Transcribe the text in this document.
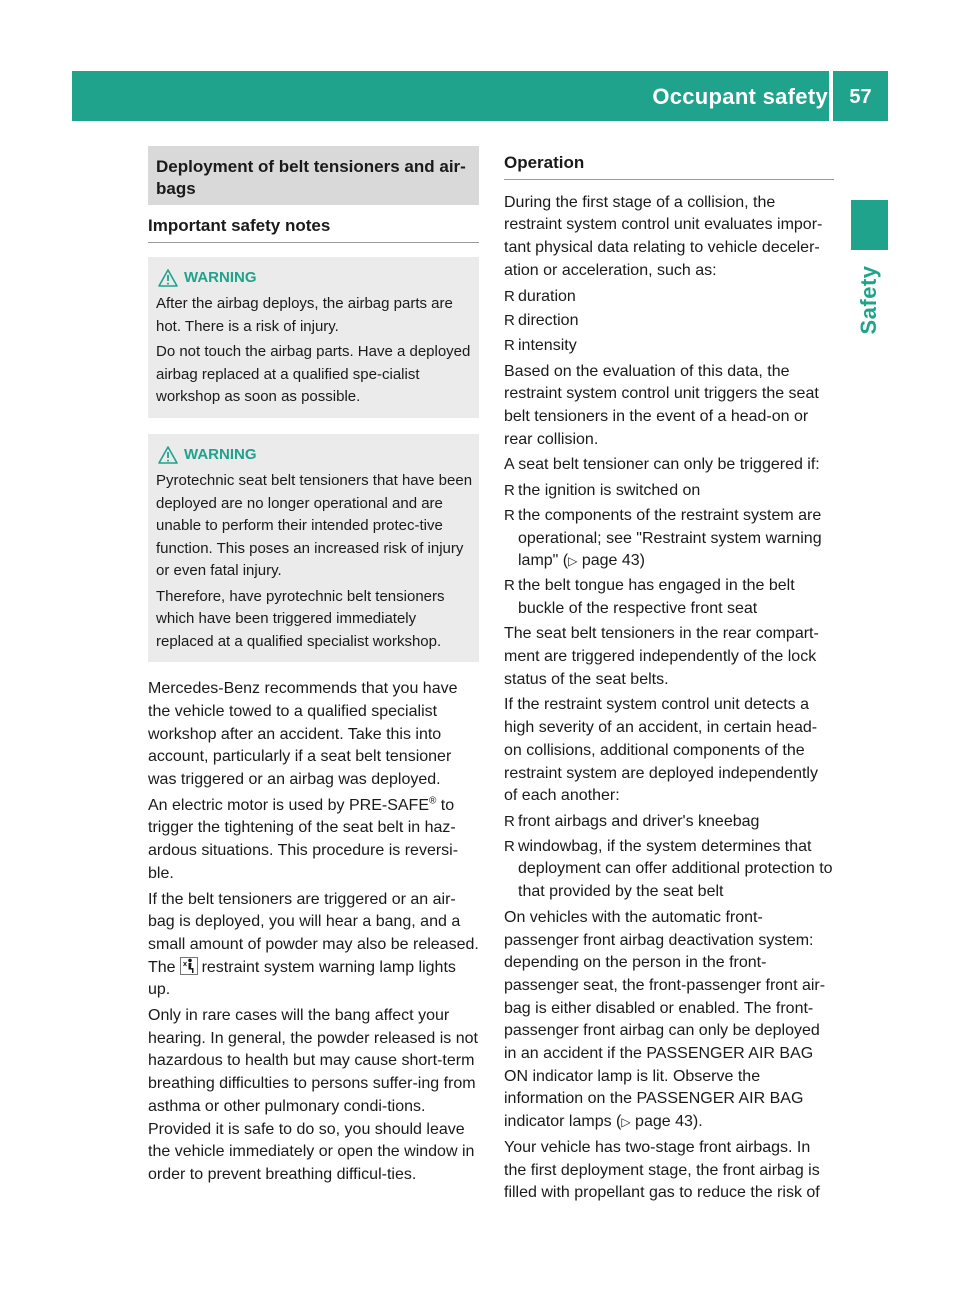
Occupant safety	57
Safety
Deployment of belt tensioners and air-bags
Important safety notes
WARNING

After the airbag deploys, the airbag parts are hot. There is a risk of injury.

Do not touch the airbag parts. Have a deployed airbag replaced at a qualified spe-cialist workshop as soon as possible.

WARNING

Pyrotechnic seat belt tensioners that have been deployed are no longer operational and are unable to perform their intended protec-tive function. This poses an increased risk of injury or even fatal injury.

Therefore, have pyrotechnic belt tensioners which have been triggered immediately replaced at a qualified specialist workshop.

Mercedes-Benz recommends that you have the vehicle towed to a qualified specialist workshop after an accident. Take this into account, particularly if a seat belt tensioner was triggered or an airbag was deployed.

An electric motor is used by PRE-SAFE® to trigger the tightening of the seat belt in haz-ardous situations. This procedure is reversi-ble.

If the belt tensioners are triggered or an air-bag is deployed, you will hear a bang, and a small amount of powder may also be released. The restraint system warning lamp lights up.

Only in rare cases will the bang affect your hearing. In general, the powder released is not hazardous to health but may cause short-term breathing difficulties to persons suffer-ing from asthma or other pulmonary condi-tions. Provided it is safe to do so, you should leave the vehicle immediately or open the window in order to prevent breathing difficul-ties.

Operation

During the first stage of a collision, the restraint system control unit evaluates impor-tant physical data relating to vehicle deceler-ation or acceleration, such as:

R duration
R direction
R intensity

Based on the evaluation of this data, the restraint system control unit triggers the seat belt tensioners in the event of a head-on or rear collision.

A seat belt tensioner can only be triggered if:

R the ignition is switched on
R the components of the restraint system are operational; see "Restraint system warning lamp" (▷ page 43)
R the belt tongue has engaged in the belt buckle of the respective front seat

The seat belt tensioners in the rear compart-ment are triggered independently of the lock status of the seat belts.

If the restraint system control unit detects a high severity of an accident, in certain head-on collisions, additional components of the restraint system are deployed independently of each another:

R front airbags and driver's kneebag
R windowbag, if the system determines that deployment can offer additional protection to that provided by the seat belt

On vehicles with the automatic front-passenger front airbag deactivation system: depending on the person in the front-passenger seat, the front-passenger front air-bag is either disabled or enabled. The front-passenger front airbag can only be deployed in an accident if the PASSENGER AIR BAG ON indicator lamp is lit. Observe the information on the PASSENGER AIR BAG indicator lamps (▷ page 43).

Your vehicle has two-stage front airbags. In the first deployment stage, the front airbag is filled with propellant gas to reduce the risk of
